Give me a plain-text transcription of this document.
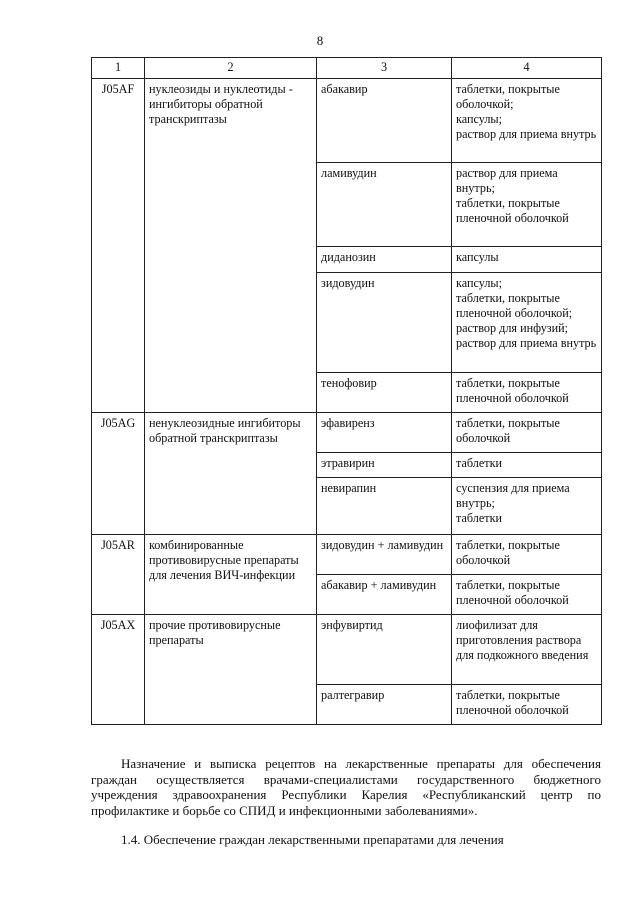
8
1	2	3	4
J05AF	нуклеозиды и нуклеотиды - ингибиторы обратной транскриптазы	абакавир	таблетки, покрытые оболочкой;
капсулы;
раствор для приема внутрь
		ламивудин	раствор для приема внутрь;
таблетки, покрытые пленочной оболочкой
		диданозин	капсулы
		зидовудин	капсулы;
таблетки, покрытые пленочной оболочкой;
раствор для инфузий;
раствор для приема внутрь
		тенофовир	таблетки, покрытые пленочной оболочкой
J05AG	ненуклеозидные ингибиторы обратной транскриптазы	эфавиренз	таблетки, покрытые оболочкой
		этравирин	таблетки
		невирапин	суспензия для приема внутрь;
таблетки
J05AR	комбинированные противовирусные препараты для лечения ВИЧ-инфекции	зидовудин + ламивудин	таблетки, покрытые оболочкой
		абакавир + ламивудин	таблетки, покрытые пленочной оболочкой
J05AX	прочие противовирусные препараты	энфувиртид	лиофилизат для приготовления раствора для подкожного введения
		ралтегравир	таблетки, покрытые пленочной оболочкой
Назначение и выписка рецептов на лекарственные препараты для обеспечения граждан осуществляется врачами-специалистами государственного бюджетного учреждения здравоохранения Республики Карелия «Республиканский центр по профилактике и борьбе со СПИД и инфекционными заболеваниями».
1.4. Обеспечение граждан лекарственными препаратами для лечения
